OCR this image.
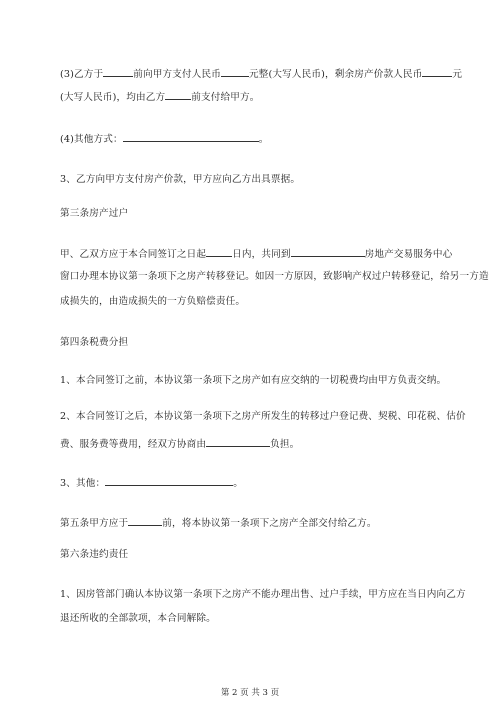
(3)乙方于	前向甲方支付人民币	元整(大写人民币)，剩余房产价款人民币	元
(大写人民币)，均由乙方	前支付给甲方。
(4)其他方式：	。
3、乙方向甲方支付房产价款，甲方应向乙方出具票据。
第三条房产过户
甲、乙双方应于本合同签订之日起	日内，共同到	房地产交易服务中心
窗口办理本协议第一条项下之房产转移登记。如因一方原因，致影响产权过户转移登记，给另一方造
成损失的，由造成损失的一方负赔偿责任。
第四条税费分担
1、本合同签订之前，本协议第一条项下之房产如有应交纳的一切税费均由甲方负责交纳。
2、本合同签订之后，本协议第一条项下之房产所发生的转移过户登记费、契税、印花税、估价
费、服务费等费用，经双方协商由	负担。
3、其他：	。
第五条甲方应于	前，将本协议第一条项下之房产全部交付给乙方。
第六条违约责任
1、因房管部门确认本协议第一条项下之房产不能办理出售、过户手续，甲方应在当日内向乙方
退还所收的全部款项，本合同解除。
第 2 页 共 3 页
